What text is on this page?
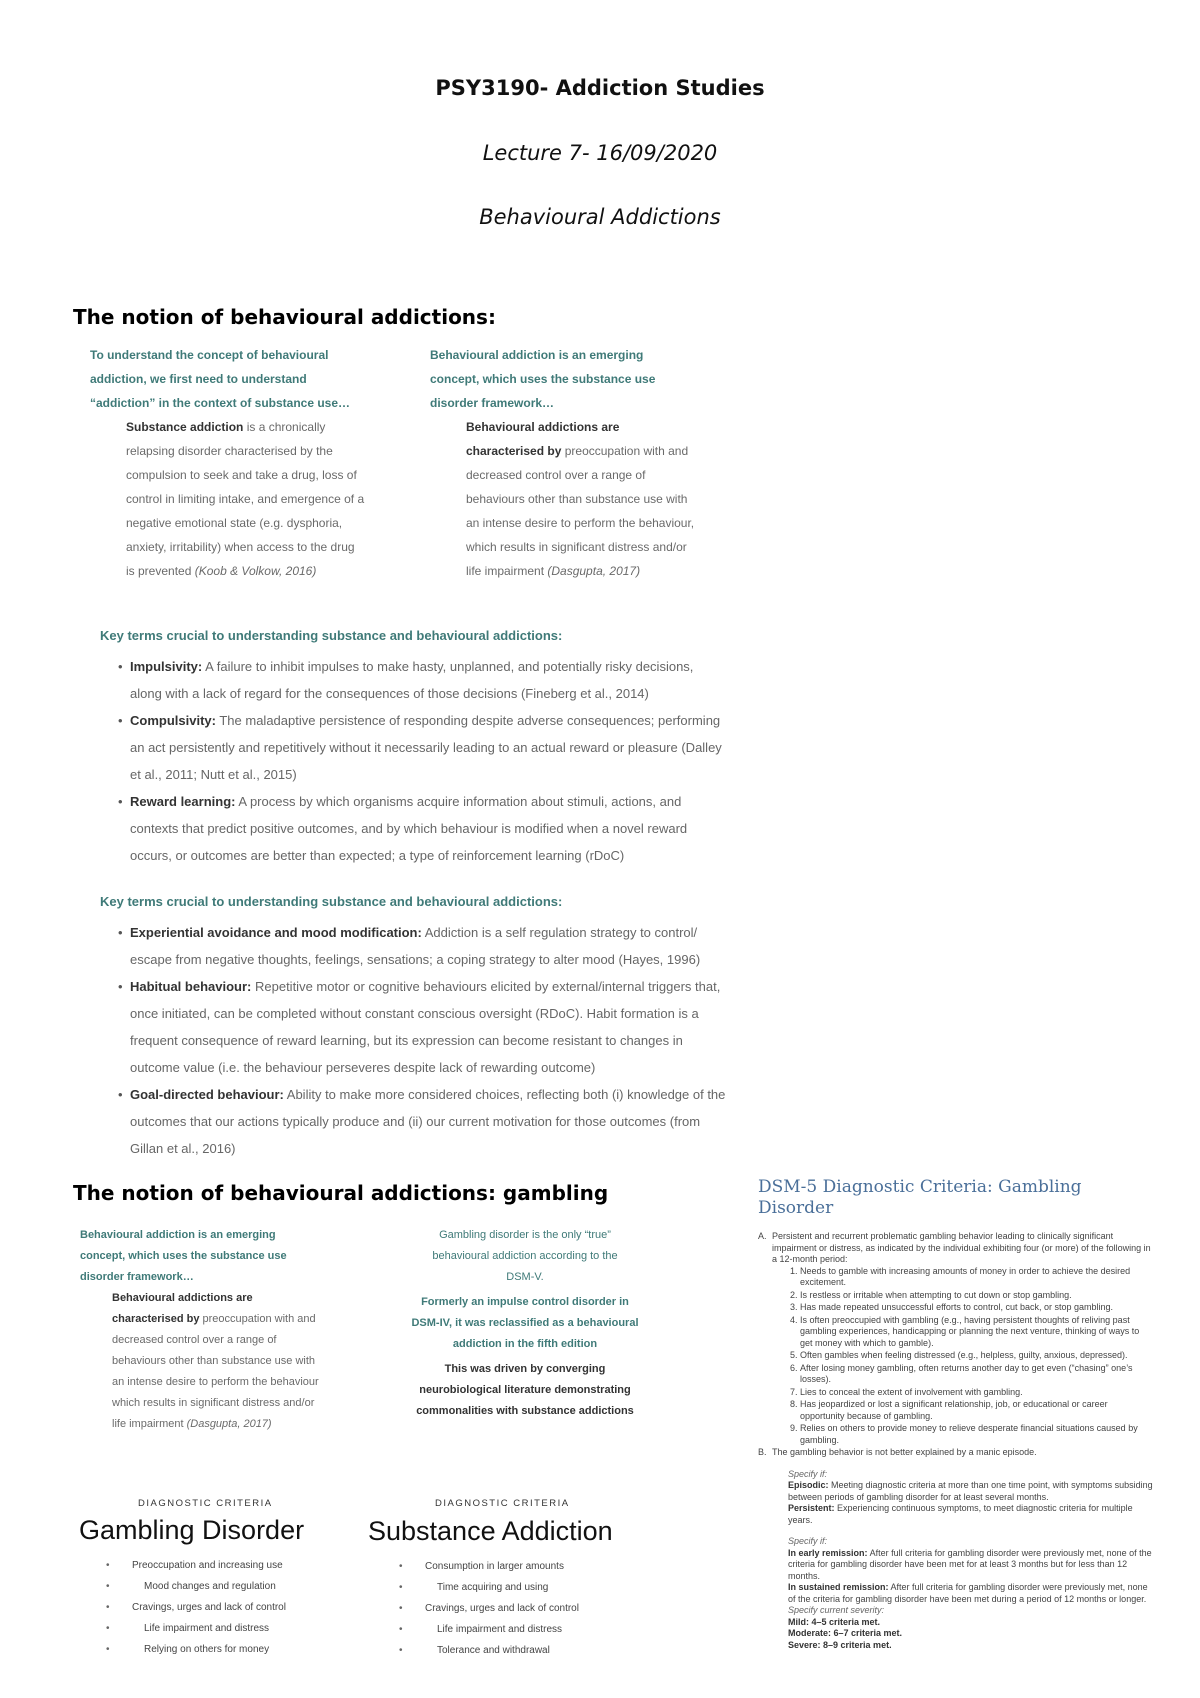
PSY3190- Addiction Studies
Lecture 7- 16/09/2020
Behavioural Addictions
The notion of behavioural addictions:

To understand the concept of behavioural

addiction, we first need to understand

“addiction” in the context of substance use…

Substance addiction is a chronically

relapsing disorder characterised by the

compulsion to seek and take a drug, loss of

control in limiting intake, and emergence of a

negative emotional state (e.g. dysphoria,

anxiety, irritability) when access to the drug

is prevented (Koob & Volkow, 2016)

Behavioural addiction is an emerging

concept, which uses the substance use

disorder framework…

Behavioural addictions are

characterised by preoccupation with and

decreased control over a range of

behaviours other than substance use with

an intense desire to perform the behaviour,

which results in significant distress and/or

life impairment (Dasgupta, 2017)

Key terms crucial to understanding substance and behavioural addictions:
• Impulsivity: A failure to inhibit impulses to make hasty, unplanned, and potentially risky decisions,
along with a lack of regard for the consequences of those decisions (Fineberg et al., 2014)
• Compulsivity: The maladaptive persistence of responding despite adverse consequences; performing
an act persistently and repetitively without it necessarily leading to an actual reward or pleasure (Dalley
et al., 2011; Nutt et al., 2015)
• Reward learning: A process by which organisms acquire information about stimuli, actions, and
contexts that predict positive outcomes, and by which behaviour is modified when a novel reward
occurs, or outcomes are better than expected; a type of reinforcement learning (rDoC)
Key terms crucial to understanding substance and behavioural addictions:
• Experiential avoidance and mood modification: Addiction is a self regulation strategy to control/
escape from negative thoughts, feelings, sensations; a coping strategy to alter mood (Hayes, 1996)
• Habitual behaviour: Repetitive motor or cognitive behaviours elicited by external/internal triggers that,
once initiated, can be completed without constant conscious oversight (RDoC). Habit formation is a
frequent consequence of reward learning, but its expression can become resistant to changes in
outcome value (i.e. the behaviour perseveres despite lack of rewarding outcome)
• Goal-directed behaviour: Ability to make more considered choices, reflecting both (i) knowledge of the
outcomes that our actions typically produce and (ii) our current motivation for those outcomes (from
Gillan et al., 2016)
The notion of behavioural addictions: gambling

Behavioural addiction is an emerging

concept, which uses the substance use

disorder framework…

Behavioural addictions are

characterised by preoccupation with and

decreased control over a range of

behaviours other than substance use with

an intense desire to perform the behaviour

which results in significant distress and/or

life impairment (Dasgupta, 2017)

Gambling disorder is the only “true”

behavioural addiction according to the

DSM-V.

Formerly an impulse control disorder in

DSM-IV, it was reclassified as a behavioural

addiction in the fifth edition

This was driven by converging

neurobiological literature demonstrating

commonalities with substance addictions

DIAGNOSTIC CRITERIA
Gambling Disorder
• Preoccupation and increasing use
•	Mood changes and regulation
• Cravings, urges and lack of control
•	Life impairment and distress
•	Relying on others for money
DIAGNOSTIC CRITERIA
Substance Addiction
• Consumption in larger amounts
•	Time acquiring and using
• Cravings, urges and lack of control
•	Life impairment and distress
•	Tolerance and withdrawal
DSM-5 Diagnostic Criteria: Gambling Disorder
A. Persistent and recurrent problematic gambling behavior leading to clinically significant impairment or distress, as indicated by the individual exhibiting four (or more) of the following in a 12-month period:
1. Needs to gamble with increasing amounts of money in order to achieve the desired excitement.
2. Is restless or irritable when attempting to cut down or stop gambling.
3. Has made repeated unsuccessful efforts to control, cut back, or stop gambling.
4. Is often preoccupied with gambling (e.g., having persistent thoughts of reliving past gambling experiences, handicapping or planning the next venture, thinking of ways to get money with which to gamble).
5. Often gambles when feeling distressed (e.g., helpless, guilty, anxious, depressed).
6. After losing money gambling, often returns another day to get even (“chasing” one’s losses).
7. Lies to conceal the extent of involvement with gambling.
8. Has jeopardized or lost a significant relationship, job, or educational or career opportunity because of gambling.
9. Relies on others to provide money to relieve desperate financial situations caused by gambling.
B. The gambling behavior is not better explained by a manic episode.
Specify if:
Episodic: Meeting diagnostic criteria at more than one time point, with symptoms subsiding between periods of gambling disorder for at least several months.
Persistent: Experiencing continuous symptoms, to meet diagnostic criteria for multiple years.
Specify if:
In early remission: After full criteria for gambling disorder were previously met, none of the criteria for gambling disorder have been met for at least 3 months but for less than 12 months.
In sustained remission: After full criteria for gambling disorder were previously met, none of the criteria for gambling disorder have been met during a period of 12 months or longer.
Specify current severity:
Mild: 4–5 criteria met.
Moderate: 6–7 criteria met.
Severe: 8–9 criteria met.
